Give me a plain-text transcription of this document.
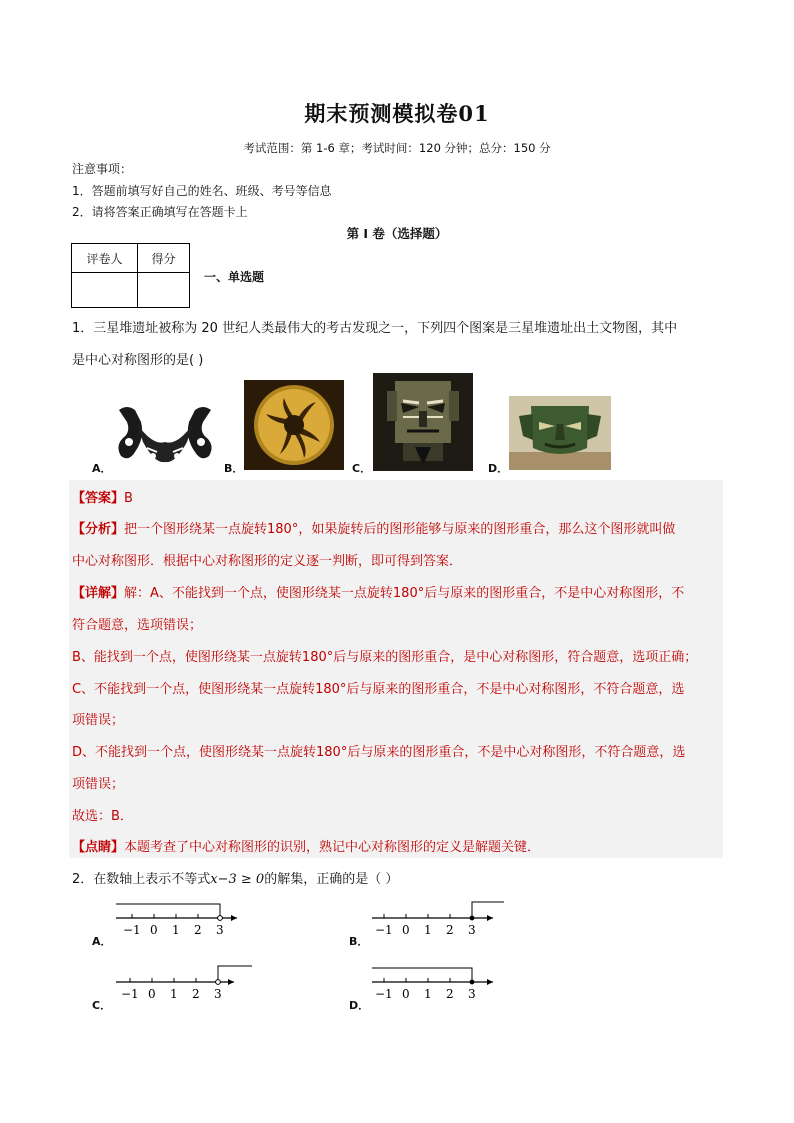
期末预测模拟卷01
考试范围：第 1-6 章；考试时间：120 分钟；总分：150 分
注意事项：
1．答题前填写好自己的姓名、班级、考号等信息
2．请将答案正确填写在答题卡上
第 I 卷（选择题）
评卷人	得分

一、单选题
1．三星堆遗址被称为 20 世纪人类最伟大的考古发现之一，下列四个图案是三星堆遗址出土文物图，其中
是中心对称图形的是( )
A．	B．	C．	D．
【答案】B
【分析】把一个图形绕某一点旋转180°，如果旋转后的图形能够与原来的图形重合，那么这个图形就叫做
中心对称图形．根据中心对称图形的定义逐一判断，即可得到答案．
【详解】解：A、不能找到一个点，使图形绕某一点旋转180°后与原来的图形重合，不是中心对称图形，不
符合题意，选项错误；
B、能找到一个点，使图形绕某一点旋转180°后与原来的图形重合，是中心对称图形，符合题意，选项正确；
C、不能找到一个点，使图形绕某一点旋转180°后与原来的图形重合，不是中心对称图形，不符合题意，选
项错误；
D、不能找到一个点，使图形绕某一点旋转180°后与原来的图形重合，不是中心对称图形，不符合题意，选
项错误；
故选：B．
【点睛】本题考查了中心对称图形的识别，熟记中心对称图形的定义是解题关键．
2．在数轴上表示不等式x−3 ≥ 0的解集，正确的是（ ）
A．
−1 0 1 2 3
B．
−1 0 1 2 3
C．
−1 0 1 2 3
D．
−1 0 1 2 3
